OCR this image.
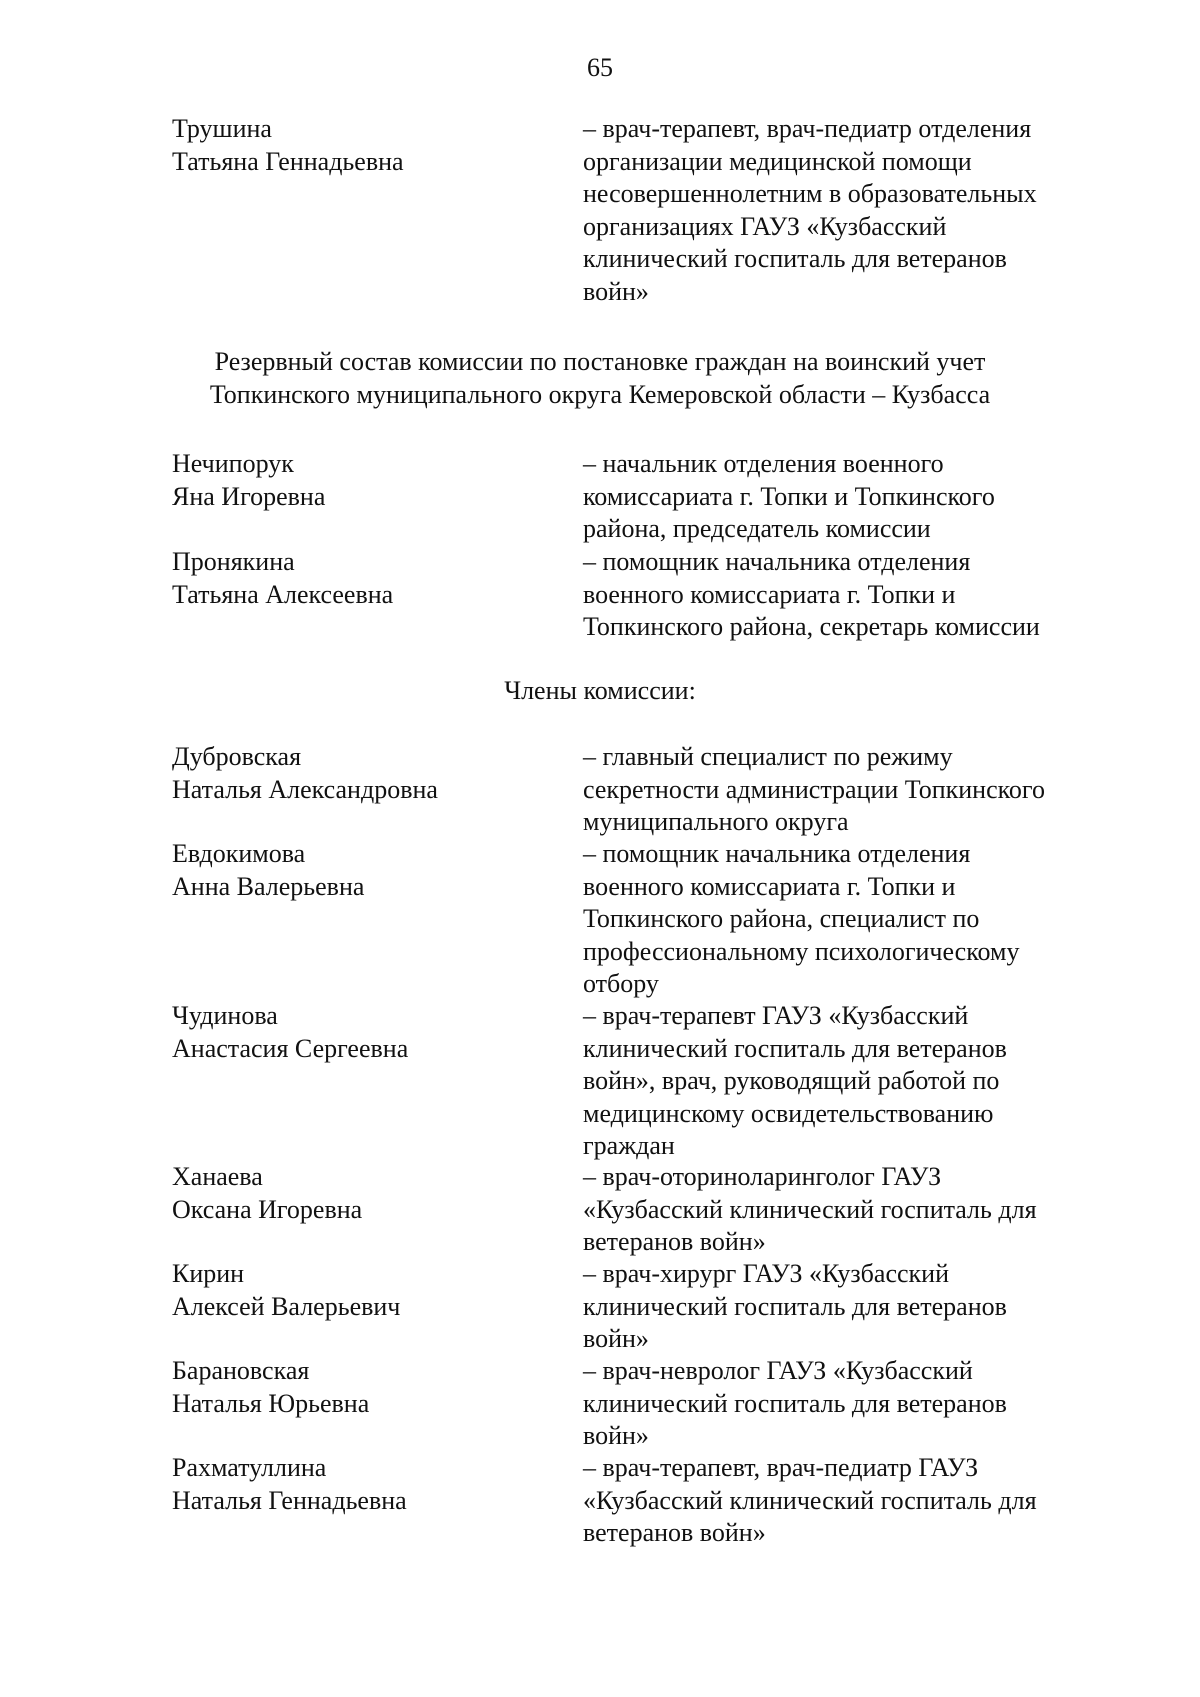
65
Трушина
Татьяна Геннадьевна
– врач-терапевт, врач-педиатр отделения
организации медицинской помощи
несовершеннолетним в образовательных
организациях ГАУЗ «Кузбасский
клинический госпиталь для ветеранов
войн»
Резервный состав комиссии по постановке граждан на воинский учет
Топкинского муниципального округа Кемеровской области – Кузбасса
Нечипорук
Яна Игоревна
– начальник отделения военного
комиссариата г. Топки и Топкинского
района, председатель комиссии
Пронякина
Татьяна Алексеевна
– помощник начальника отделения
военного комиссариата г. Топки и
Топкинского района, секретарь комиссии
Члены комиссии:
Дубровская
Наталья Александровна
– главный специалист по режиму
секретности администрации Топкинского
муниципального округа
Евдокимова
Анна Валерьевна
– помощник начальника отделения
военного комиссариата г. Топки и
Топкинского района, специалист по
профессиональному психологическому
отбору
Чудинова
Анастасия Сергеевна
– врач-терапевт ГАУЗ «Кузбасский
клинический госпиталь для ветеранов
войн», врач, руководящий работой по
медицинскому освидетельствованию
граждан
Ханаева
Оксана Игоревна
– врач-оториноларинголог ГАУЗ
«Кузбасский клинический госпиталь для
ветеранов войн»
Кирин
Алексей Валерьевич
– врач-хирург ГАУЗ «Кузбасский
клинический госпиталь для ветеранов
войн»
Барановская
Наталья Юрьевна
– врач-невролог ГАУЗ «Кузбасский
клинический госпиталь для ветеранов
войн»
Рахматуллина
Наталья Геннадьевна
– врач-терапевт, врач-педиатр ГАУЗ
«Кузбасский клинический госпиталь для
ветеранов войн»
